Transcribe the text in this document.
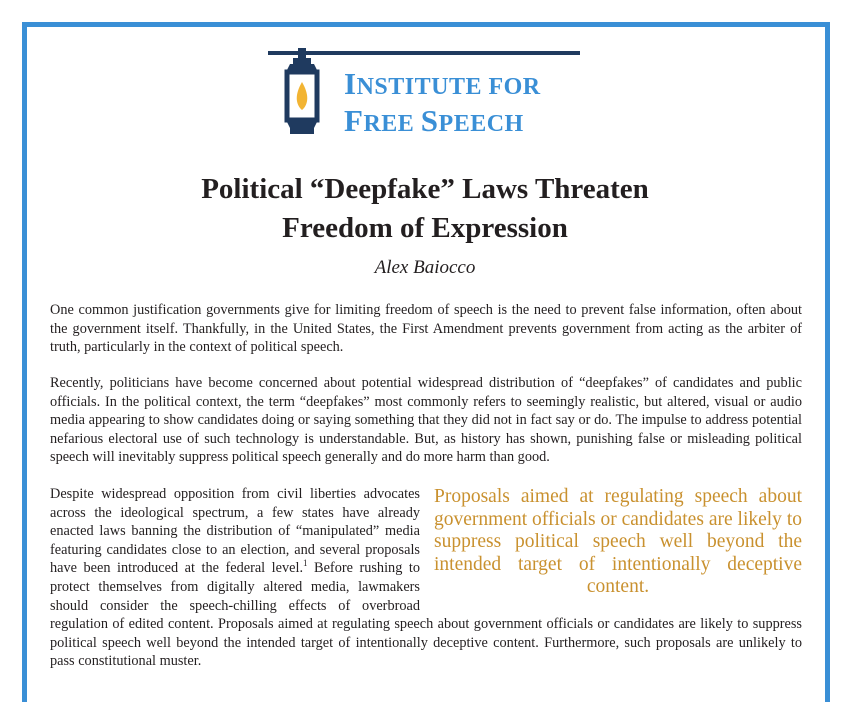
INSTITUTE FOR
FREE SPEECH
Political “Deepfake” Laws Threaten
Freedom of Expression
Alex Baiocco

One common justification governments give for limiting freedom of speech is the need to prevent false information, often about the government itself. Thankfully, in the United States, the First Amendment prevents government from acting as the arbiter of truth, particularly in the context of political speech.

Recently, politicians have become concerned about potential widespread distribution of “deepfakes” of candidates and public officials. In the political context, the term “deepfakes” most commonly refers to seemingly realistic, but altered, visual or audio media appearing to show candidates doing or saying something that they did not in fact say or do. The impulse to address potential nefarious electoral use of such technology is understandable. But, as history has shown, punishing false or misleading political speech will inevitably suppress political speech generally and do more harm than good.

Proposals aimed at regulating speech about government officials or candidates are likely to suppress political speech well beyond the intended target of intentionally deceptive content.
Despite widespread opposition from civil liberties advocates across the ideological spectrum, a few states have already enacted laws banning the distribution of “manipulated” media featuring candidates close to an election, and several proposals have been introduced at the federal level.$^1$ Before rushing to protect themselves from digitally altered media, lawmakers should consider the speech-chilling effects of overbroad regulation of edited content. Proposals aimed at regulating speech about government officials or candidates are likely to suppress political speech well beyond the intended target of intentionally deceptive content. Furthermore, such proposals are unlikely to pass constitutional muster.
